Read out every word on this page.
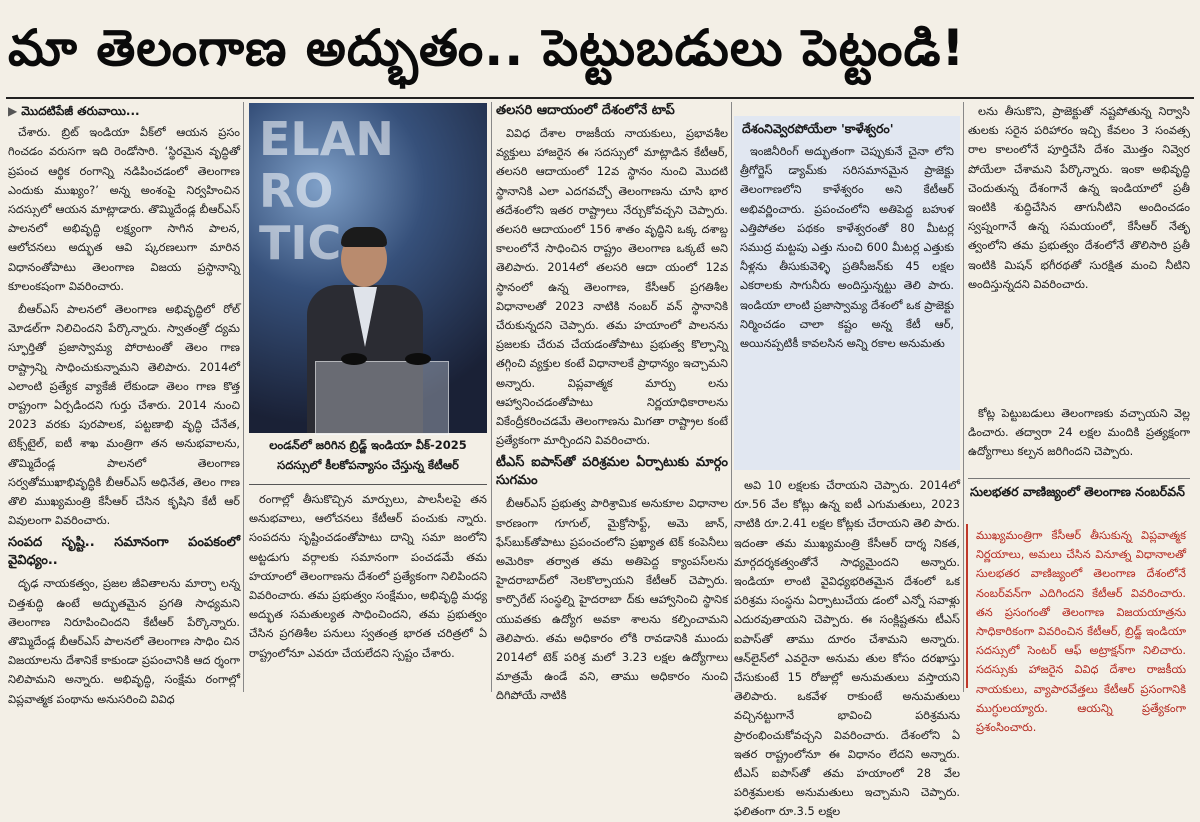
మా తెలంగాణ అద్భుతం.. పెట్టుబడులు పెట్టండి!
▶ మొదటిపేజీ తరువాయి...

చేశారు. బ్రిట్ ఇండియా వీక్‌లో ఆయన ప్రసం గించడం వరుసగా ఇది రెండోసారి. ‘స్థిరమైన వృద్ధితో ప్రపంచ ఆర్థిక రంగాన్ని నడిపించడంలో తెలంగాణ ఎందుకు ముఖ్యం?’ అన్న అంశంపై నిర్వహించిన సదస్సులో ఆయన మాట్లాడారు. తొమ్మిదేండ్ల బీఆర్‌ఎస్ పాలనలో అభివృద్ధి లక్ష్యంగా సాగిన పాలన, ఆలోచనలు అద్భుత ఆవి ష్కరణలుగా మారిన విధానంతోపాటు తెలంగాణ విజయ ప్రస్థానాన్ని కూలంకషంగా వివరించారు.

బీఆర్‌ఎస్ పాలనలో తెలంగాణ అభివృద్ధిలో రోల్ మోడల్‌గా నిలిచిందని పేర్కొన్నారు. స్వాతంత్రో ద్యమ స్ఫూర్తితో ప్రజాస్వామ్య పోరాటంతో తెలం గాణ రాష్ట్రాన్ని సాధించుకున్నామని తెలిపారు. 2014లో ఎలాంటి ప్రత్యేక వ్యాకేజీ లేకుండా తెలం గాణ కొత్త రాష్ట్రంగా ఏర్పడిందని గుర్తు చేశారు. 2014 నుంచి 2023 వరకు పురపాలక, పట్టణాభి వృద్ధి చేనేత, టెక్స్‌టైల్, ఐటీ శాఖ మంత్రిగా తన అనుభవాలను, తొమ్మిదేండ్ల పాలనలో తెలంగాణ సర్వతోముఖాభివృద్ధికి బీఆర్‌ఎస్ అధినేత, తెలం గాణ తొలి ముఖ్యమంత్రి కేసీఆర్ చేసిన కృషిని కేటీ ఆర్ వివులంగా వివరించారు.

సంపద సృష్టి.. సమానంగా పంపకంలో వైవిధ్యం..

దృఢ నాయకత్వం, ప్రజల జీవితాలను మార్చా లన్న చిత్తశుద్ధి ఉంటే అద్భుతమైన ప్రగతి సాధ్యమని తెలంగాణ నిరూపించిందని కేటీఆర్ పేర్కొన్నారు. తొమ్మిదేండ్ల బీఆర్‌ఎస్ పాలనలో తెలంగాణ సాధిం చిన విజయాలను దేశానికే కాకుండా ప్రపంచానికి ఆద ర్శంగా నిలిపామని అన్నారు. అభివృద్ధి, సంక్షేమ రంగాల్లో విప్లవాత్మక పంథాను అనుసరించి వివిధ

ELAN
RO
TIC
లండన్‌లో జరిగిన బ్రిడ్జ్ ఇండియా వీక్-2025 సదస్సులో కీలకోపన్యాసం చేస్తున్న కేటీఆర్

రంగాల్లో తీసుకొచ్చిన మార్పులు, పాలసీలపై తన అనుభవాలు, ఆలోచనలు కేటీఆర్ పంచుకు న్నారు. సంపదను సృష్టించడంతోపాటు దాన్ని సమా జంలోని అట్టడుగు వర్గాలకు సమానంగా పంచడమే తమ హయాంలో తెలంగాణను దేశంలో ప్రత్యేకంగా నిలిపిందని వివరించారు. తమ ప్రభుత్వం సంక్షేమం, అభివృద్ధి మధ్య అద్భుత సమతుల్యత సాధించిందని, తమ ప్రభుత్వం చేసిన ప్రగతిశీల పనులు స్వతంత్ర భారత చరిత్రలో ఏ రాష్ట్రంలోనూ ఎవరూ చేయలేదని స్పష్టం చేశారు.

తలసరి ఆదాయంలో దేశంలోనే టాప్

వివిధ దేశాల రాజకీయ నాయకులు, ప్రభావశీల వ్యక్తులు హాజరైన ఈ సదస్సులో మాట్లాడిన కేటీఆర్, తలసరి ఆదాయంలో 12వ స్థానం నుంచి మొదటి స్థానానికి ఎలా ఎదగవచ్చో తెలంగాణను చూసి భార తదేశంలోని ఇతర రాష్ట్రాలు నేర్చుకోవచ్చని చెప్పారు. తలసరి ఆదాయంలో 156 శాతం వృద్ధిని ఒక్క దశాబ్ద కాలంలోనే సాధించిన రాష్ట్రం తెలంగాణ ఒక్కటే అని తెలిపారు. 2014లో తలసరి ఆదా యంలో 12వ స్థానంలో ఉన్న తెలంగాణ, కేసీఆర్ ప్రగతిశీల విధానాలతో 2023 నాటికి నంబర్ వన్ స్థానానికి చేరుకున్నదని చెప్పారు. తమ హయాంలో పాలనను ప్రజలకు చేరువ చేయడంతోపాటు ప్రభుత్వ కొల్పాన్ని తగ్గించి వ్యక్తుల కంటే విధానాలకే ప్రాధాన్యం ఇచ్చామని అన్నారు. విప్లవాత్మక మార్పు లను ఆహ్వానించడంతోపాటు నిర్ణయాధికారాలను వికేంద్రీకరించడమే తెలంగాణను మిగతా రాష్ట్రాల కంటే ప్రత్యేకంగా మార్చిందని వివరించారు.

టీఎస్ ఐపాస్‌తో పరిశ్రమల ఏర్పాటుకు మార్గం సుగమం

బీఆర్‌ఎస్ ప్రభుత్వ పారిశ్రామిక అనుకూల విధానాల కారణంగా గూగుల్, మైక్రోసాఫ్ట్, అమె జాన్, ఫేస్‌బుక్‌తోపాటు ప్రపంచంలోని ప్రఖ్యాత టెక్ కంపెనీలు అమెరికా తర్వాత తమ అతిపెద్ద క్యాంపస్‌లను హైదరాబాద్‌లో నెలకొల్పాయని కేటీఆర్ చెప్పారు. కార్పొరేట్ సంస్థల్ని హైదరాబా ద్‌కు ఆహ్వానించి స్థానిక యువతకు ఉద్యోగ అవకా శాలను కల్పించామని తెలిపారు. తమ అధికారం లోకి రావడానికి ముందు 2014లో టెక్ పరిశ్ర మలో 3.23 లక్షల ఉద్యోగాలు మాత్రమే ఉండే వని, తాము అధికారం నుంచి దిగిపోయే నాటికి

దేశంనివ్వెరపోయేలా 'కాళేశ్వరం'

ఇంజినీరింగ్ అద్భుతంగా చెప్పుకునే చైనా లోని త్రీగోర్జెస్ డ్యామ్‌కు సరిసమానమైన ప్రాజెక్టు తెలంగాణలోని కాళేశ్వరం అని కేటీఆర్ అభివర్ణించారు. ప్రపంచంలోని అతిపెద్ద బహుళ ఎత్తిపోతల పథకం కాళేశ్వరంతో 80 మీటర్ల సముద్ర మట్టపు ఎత్తు నుంచి 600 మీటర్ల ఎత్తుకు నీళ్లను తీసుకువెళ్ళి ప్రతిసీజన్‌కు 45 లక్షల ఎకరాలకు సాగునీరు అందిస్తున్నట్టు తెలి పారు. ఇండియా లాంటి ప్రజాస్వామ్య దేశంలో ఒక ప్రాజెక్టు నిర్మించడం చాలా కష్టం అన్న కేటీ ఆర్, అయినప్పటికీ కావలసిన అన్ని రకాల అనుమతు

అవి 10 లక్షలకు చేరాయని చెప్పారు. 2014లో రూ.56 వేల కోట్లు ఉన్న ఐటీ ఎగుమతులు, 2023 నాటికి రూ.2.41 లక్షల కోట్లకు చేరాయని తెలి పారు. ఇదంతా తమ ముఖ్యమంత్రి కేసీఆర్ దార్శ నికత, మార్గదర్శకత్వంతోనే సాధ్యమైందని అన్నారు. ఇండియా లాంటి వైవిధ్యభరితమైన దేశంలో ఒక పరిశ్రమ సంస్థను ఏర్పాటుచేయ డంలో ఎన్నో సవాళ్లు ఎదురవుతాయని చెప్పారు. ఈ సంక్లిష్టతను టీఎస్ ఐపాస్‌తో తాము దూరం చేశామని అన్నారు. ఆన్‌లైన్‌లో ఎవరైనా అనుమ తుల కోసం దరఖాస్తు చేసుకుంటే 15 రోజుల్లో అనుమతులు వస్తాయని తెలిపారు. ఒకవేళ రాకుంటే అనుమతులు వచ్చినట్టుగానే భావించి పరిశ్రమను ప్రారంభించుకోవచ్చని వివరించారు. దేశంలోని ఏ ఇతర రాష్ట్రంలోనూ ఈ విధానం లేదని అన్నారు. టీఎస్ ఐపాస్‌తో తమ హయాంలో 28 వేల పరిశ్రమలకు అనుమతులు ఇచ్చామని చెప్పారు. ఫలితంగా రూ.3.5 లక్షల

లను తీసుకొని, ప్రాజెక్టుతో నష్టపోతున్న నిర్వాసి తులకు సరైన పరిహారం ఇచ్చి కేవలం 3 సంవత్స రాల కాలంలోనే పూర్తిచేసి దేశం మొత్తం నివ్వెర పోయేలా చేశామని పేర్కొన్నారు. ఇంకా అభివృద్ధి చెందుతున్న దేశంగానే ఉన్న ఇండియాలో ప్రతీ ఇంటికి శుద్ధిచేసిన తాగునీటిని అందించడం స్వప్నంగానే ఉన్న సమయంలో, కేసీఆర్ నేతృ త్వంలోని తమ ప్రభుత్వం దేశంలోనే తొలిసారి ప్రతీ ఇంటికి మిషన్ భగీరథతో సురక్షిత మంచి నీటిని అందిస్తున్నదని వివరించారు.

కోట్ల పెట్టుబడులు తెలంగాణకు వచ్చాయని వెల్ల డించారు. తద్వారా 24 లక్షల మందికి ప్రత్యక్షంగా ఉద్యోగాలు కల్పన జరిగిందని చెప్పారు.

సులభతర వాణిజ్యంలో తెలంగాణ నంబర్‌వన్
ముఖ్యమంత్రిగా కేసీఆర్ తీసుకున్న విప్లవాత్మక నిర్ణయాలు, అమలు చేసిన వినూత్న విధానాలతో సులభతర వాణిజ్యంలో తెలంగాణ దేశంలోనే నంబర్‌వన్‌గా ఎదిగిందని కేటీఆర్ వివరించారు. తన ప్రసంగంతో తెలంగాణ విజయయాత్రను సాధికారికంగా వివరించిన కేటీఆర్, బ్రిడ్జ్ ఇండియా సదస్సులో సెంటర్ ఆఫ్ అట్రాక్షన్‌గా నిలిచారు. సదస్సుకు హాజరైన వివిధ దేశాల రాజకీయ నాయకులు, వ్యాపారవేత్తలు కేటీఆర్ ప్రసంగానికి ముగ్ధులయ్యారు. ఆయన్ని ప్రత్యేకంగా ప్రశంసించారు.
